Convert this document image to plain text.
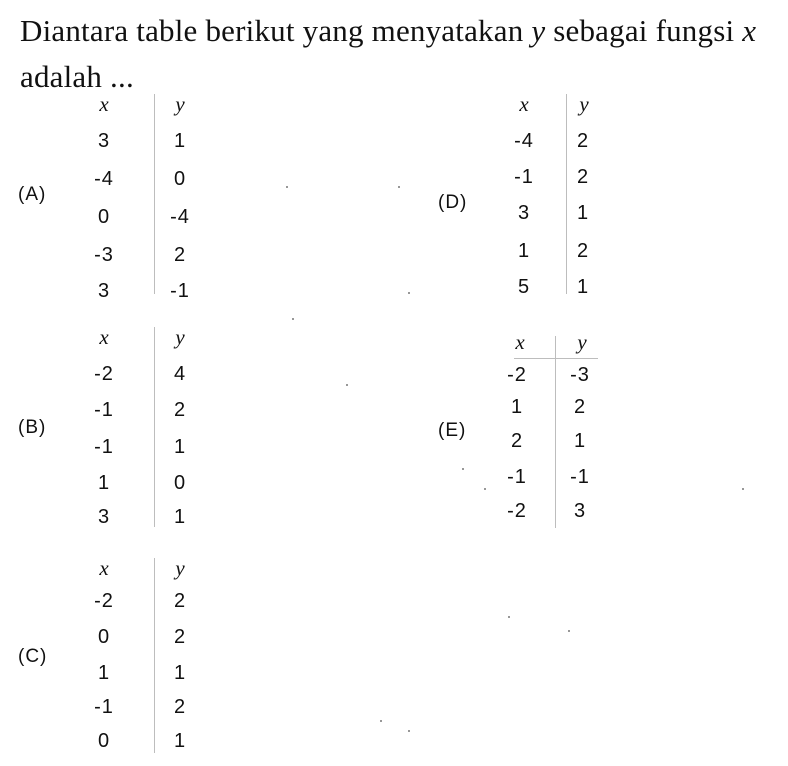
Diantara table berikut yang menyatakan y sebagai fungsi x adalah ...
(A)
x	y
3	1
-4	0
0	-4
-3	2
3	-1
(B)
x	y
-2	4
-1	2
-1	1
1	0
3	1
(C)
x	y
-2	2
0	2
1	1
-1	2
0	1
(D)
x	y
-4	2
-1	2
3	1
1	2
5	1
(E)
x	y
-2	-3
1	2
2	1
-1	-1
-2	3
